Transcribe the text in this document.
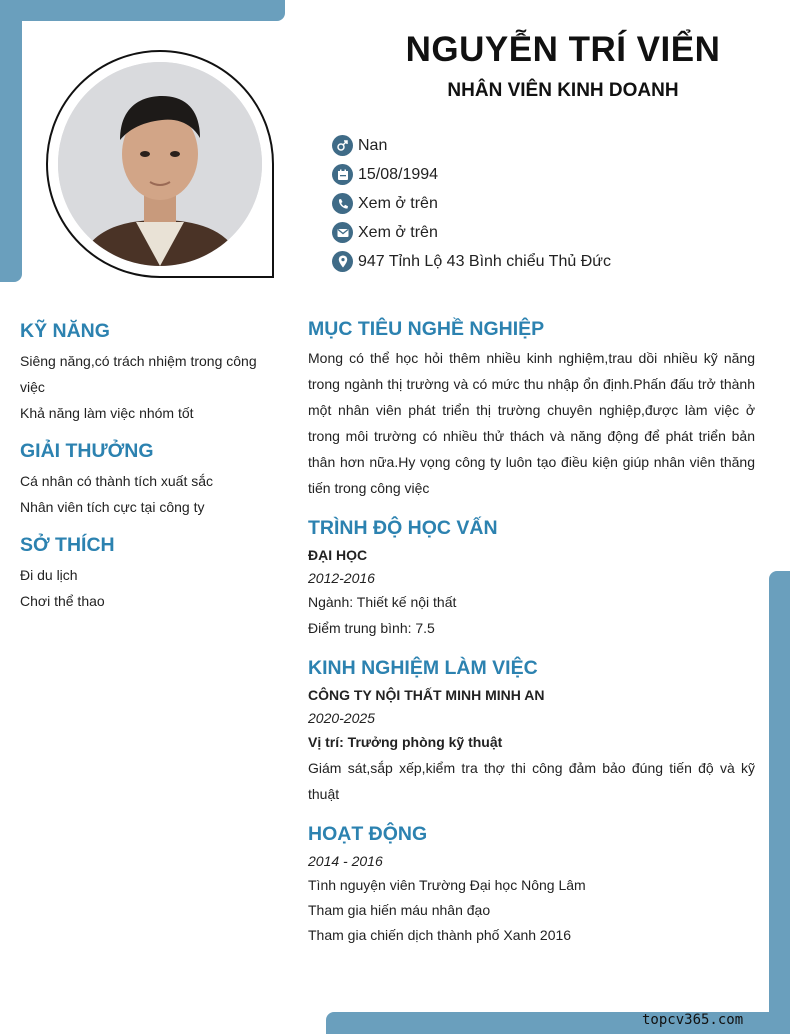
NGUYỄN TRÍ VIỂN
NHÂN VIÊN KINH DOANH
Nan
15/08/1994
Xem ở trên
Xem ở trên
947 Tỉnh Lộ 43 Bình chiểu Thủ Đức
KỸ NĂNG

Siêng năng,có trách nhiệm trong công việc

Khả năng làm việc nhóm tốt

GIẢI THƯỞNG

Cá nhân có thành tích xuất sắc

Nhân viên tích cực tại công ty

SỞ THÍCH

Đi du lịch

Chơi thể thao

MỤC TIÊU NGHỀ NGHIỆP

Mong có thể học hỏi thêm nhiều kinh nghiệm,trau dồi nhiều kỹ năng trong ngành thị trường và có mức thu nhập ổn định.Phấn đấu trở thành một nhân viên phát triển thị trường chuyên nghiệp,được làm việc ở trong môi trường có nhiều thử thách và năng động để phát triển bản thân hơn nữa.Hy vọng công ty luôn tạo điều kiện giúp nhân viên thăng tiến trong công việc

TRÌNH ĐỘ HỌC VẤN

ĐẠI HỌC

2012-2016

Ngành: Thiết kế nội thất

Điểm trung bình: 7.5

KINH NGHIỆM LÀM VIỆC

CÔNG TY NỘI THẤT MINH MINH AN

2020-2025

Vị trí: Trưởng phòng kỹ thuật

Giám sát,sắp xếp,kiểm tra thợ thi công đảm bảo đúng tiến độ và kỹ thuật

HOẠT ĐỘNG

2014 - 2016

Tình nguyện viên Trường Đại học Nông Lâm

Tham gia hiến máu nhân đạo

Tham gia chiến dịch thành phố Xanh 2016

topcv365.com
